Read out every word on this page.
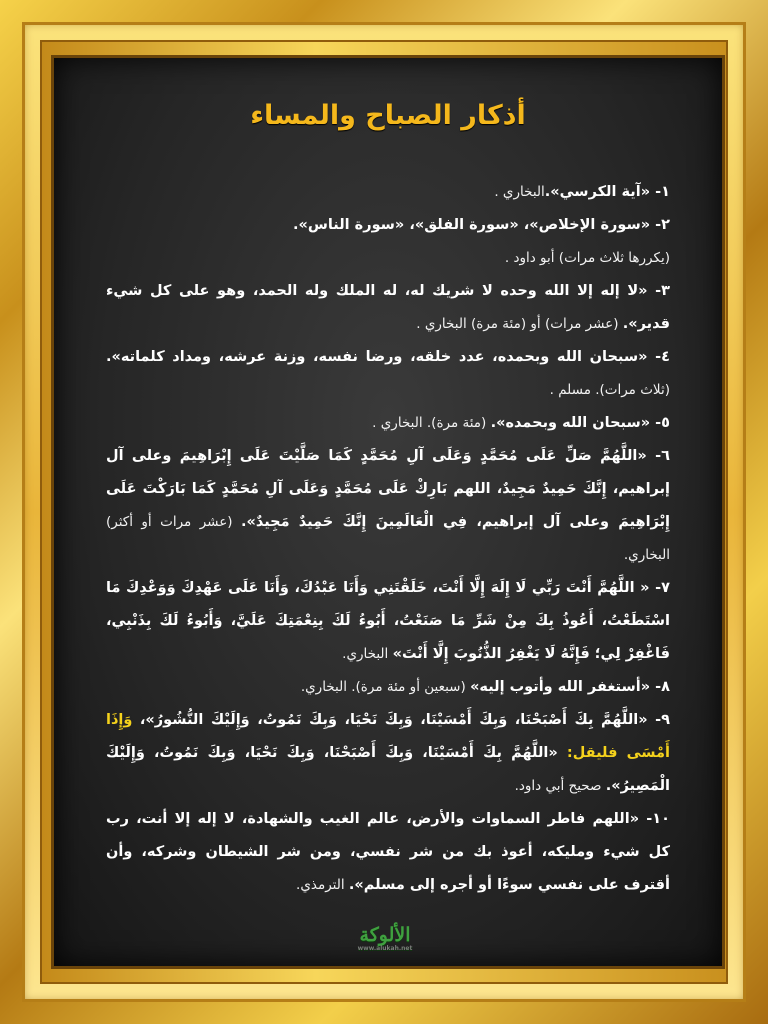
أذكار الصباح والمساء

١- «آية الكرسي».البخاري .

٢- «سورة الإخلاص»، «سورة الفلق»، «سورة الناس».

(يكررها ثلاث مرات) أبو داود .

٣- «لا إله إلا الله وحده لا شريك له، له الملك وله الحمد، وهو على كل شيء قدير». (عشر مرات) أو (مئة مرة) البخاري .

٤- «سبحان الله وبحمده، عدد خلقه، ورضا نفسه، وزنة عرشه، ومداد كلماته». (ثلاث مرات). مسلم .

٥- «سبحان الله وبحمده». (مئة مرة). البخاري .

٦- «اللَّهُمَّ صَلِّ عَلَى مُحَمَّدٍ وَعَلَى آلِ مُحَمَّدٍ كَمَا صَلَّيْتَ عَلَى إِبْرَاهِيمَ وعلى آل إبراهيم، إِنَّكَ حَمِيدٌ مَجِيدٌ، اللهم بَارِكْ عَلَى مُحَمَّدٍ وَعَلَى آلِ مُحَمَّدٍ كَمَا بَارَكْتَ عَلَى إِبْرَاهِيمَ وعلى آل إبراهيم، فِي الْعَالَمِينَ إِنَّكَ حَمِيدٌ مَجِيدٌ». (عشر مرات أو أكثر) البخاري.

٧- « اللَّهُمَّ أَنْتَ رَبِّي لَا إِلَهَ إِلَّا أَنْتَ، خَلَقْتَنِي وَأَنَا عَبْدُكَ، وَأَنَا عَلَى عَهْدِكَ وَوَعْدِكَ مَا اسْتَطَعْتُ، أَعُوذُ بِكَ مِنْ شَرِّ مَا صَنَعْتُ، أَبُوءُ لَكَ بِنِعْمَتِكَ عَلَيَّ، وَأَبُوءُ لَكَ بِذَنْبِي، فَاغْفِرْ لِي؛ فَإِنَّهُ لَا يَغْفِرُ الذُّنُوبَ إِلَّا أَنْتَ» البخاري.

٨- «أستغفر الله وأتوب إليه» (سبعين أو مئة مرة). البخاري.

٩- «اللَّهُمَّ بِكَ أَصْبَحْنَا، وَبِكَ أَمْسَيْنَا، وَبِكَ نَحْيَا، وَبِكَ نَمُوتُ، وَإِلَيْكَ النُّشُورُ»، وَإِذَا أَمْسَى فليقل: «اللَّهُمَّ بِكَ أَمْسَيْنَا، وَبِكَ أَصْبَحْنَا، وَبِكَ نَحْيَا، وَبِكَ نَمُوتُ، وَإِلَيْكَ الْمَصِيرُ». صحيح أبي داود.

١٠- «اللهم فاطر السماوات والأرض، عالم الغيب والشهادة، لا إله إلا أنت، رب كل شيء ومليكه، أعوذ بك من شر نفسي، ومن شر الشيطان وشركه، وأن أقترف على نفسي سوءًا أو أجره إلى مسلم». الترمذي.

الألوكة
www.alukah.net
